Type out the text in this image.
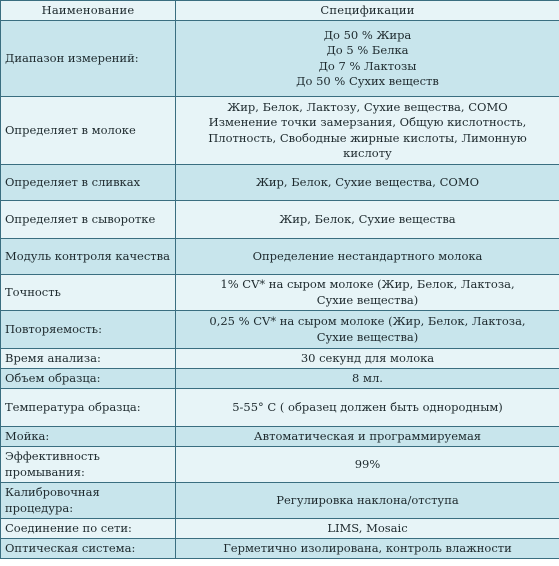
Наименование	Спецификации
Диапазон измерений:	До 50 % Жира
До 5 % Белка
До 7 % Лактозы
До 50 % Сухих веществ

Определяет в молоке	Жир, Белок, Лактозу, Сухие вещества, СОМО
Изменение точки замерзания, Общую кислотность,
Плотность, Свободные жирные кислоты, Лимонную
кислоту

Определяет в сливках	Жир, Белок, Сухие вещества, СОМО

Определяет в сыворотке	Жир, Белок, Сухие вещества

Модуль контроля качества	Определение нестандартного молока

Точность	1% CV* на сыром молоке (Жир, Белок, Лактоза,
Сухие вещества)

Повторяемость:	0,25 % CV* на сыром молоке (Жир, Белок, Лактоза,
Сухие вещества)

Время анализа:	30 секунд для молока

Объем образца:	8 мл.

Температура образца:	5-55° С ( образец должен быть однородным)

Мойка:	Автоматическая и программируемая

Эффективность промывания:	99%

Калибровочная процедура:	Регулировка наклона/отступа

Соединение по сети:	LIMS, Mosaic

Оптическая система:	Герметично изолирована, контроль влажности
